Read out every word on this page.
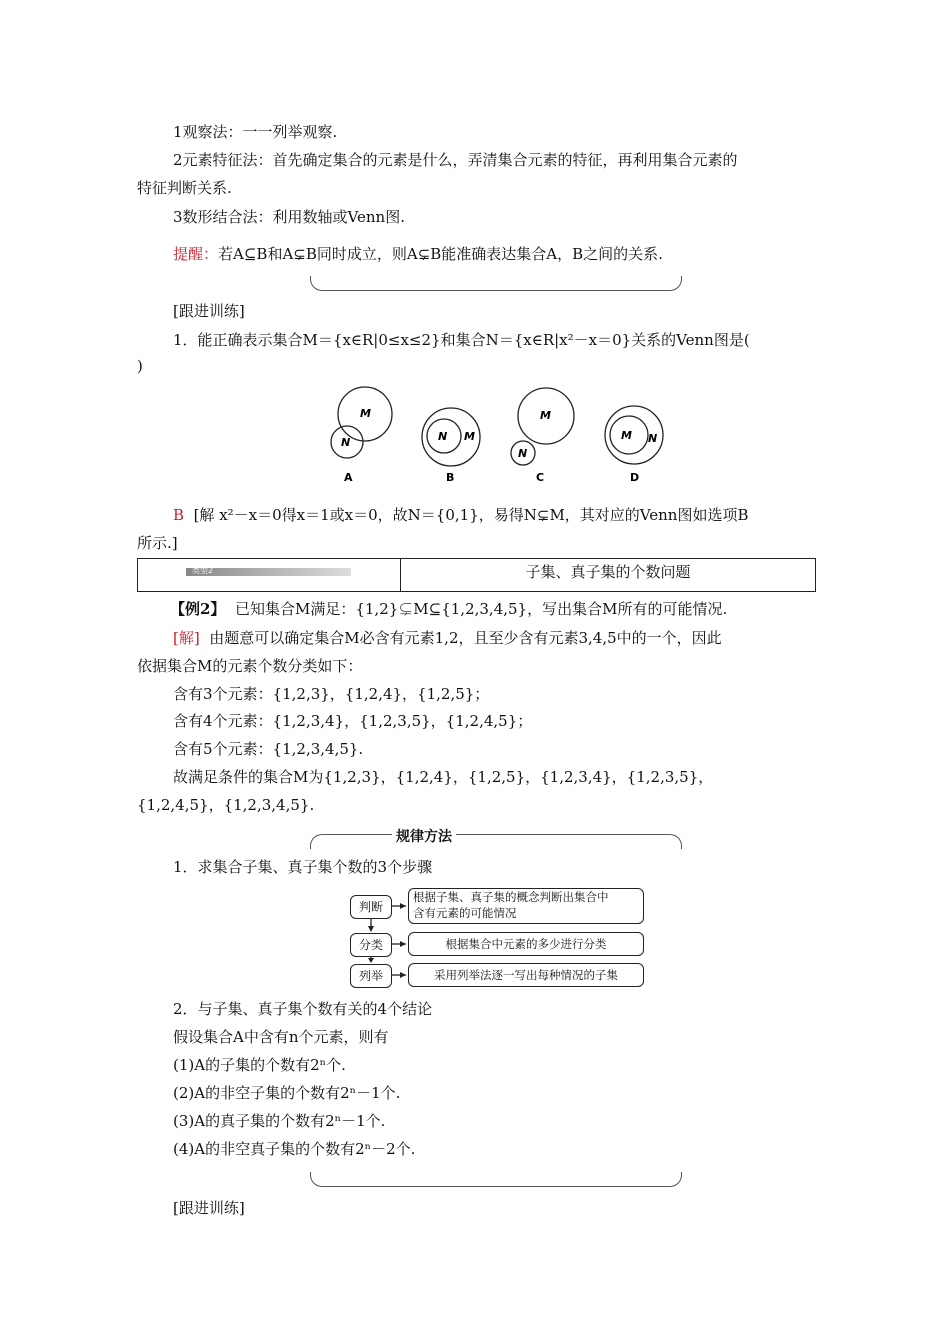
1观察法：一一列举观察.
2元素特征法：首先确定集合的元素是什么，弄清集合元素的特征，再利用集合元素的
特征判断关系.
3数形结合法：利用数轴或Venn图.
提醒：若A⊆B和A⊊B同时成立，则A⊊B能准确表达集合A，B之间的关系.
[跟进训练]
1．能正确表示集合M＝{x∈R|0≤x≤2}和集合N＝{x∈R|x²－x＝0}关系的Venn图是(
)
M
N
A
N M
B
M
N
C
M N
D
B [解 x²－x＝0得x＝1或x＝0，故N＝{0,1}，易得N⊊M，其对应的Venn图如选项B
所示.]
类型2	子集、真子集的个数问题
【例2】 已知集合M满足：{1,2}⊊M⊆{1,2,3,4,5}，写出集合M所有的可能情况.
[解] 由题意可以确定集合M必含有元素1,2，且至少含有元素3,4,5中的一个，因此
依据集合M的元素个数分类如下：
含有3个元素：{1,2,3}，{1,2,4}，{1,2,5}；
含有4个元素：{1,2,3,4}，{1,2,3,5}，{1,2,4,5}；
含有5个元素：{1,2,3,4,5}.
故满足条件的集合M为{1,2,3}，{1,2,4}，{1,2,5}，{1,2,3,4}，{1,2,3,5}，
{1,2,4,5}，{1,2,3,4,5}.
规律方法
1．求集合子集、真子集个数的3个步骤
判断
根据子集、真子集的概念判断出集合中
含有元素的可能情况
分类	根据集合中元素的多少进行分类
列举	采用列举法逐一写出每种情况的子集
2．与子集、真子集个数有关的4个结论
假设集合A中含有n个元素，则有
(1)A的子集的个数有2ⁿ个.
(2)A的非空子集的个数有2ⁿ－1个.
(3)A的真子集的个数有2ⁿ－1个.
(4)A的非空真子集的个数有2ⁿ－2个.
[跟进训练]
